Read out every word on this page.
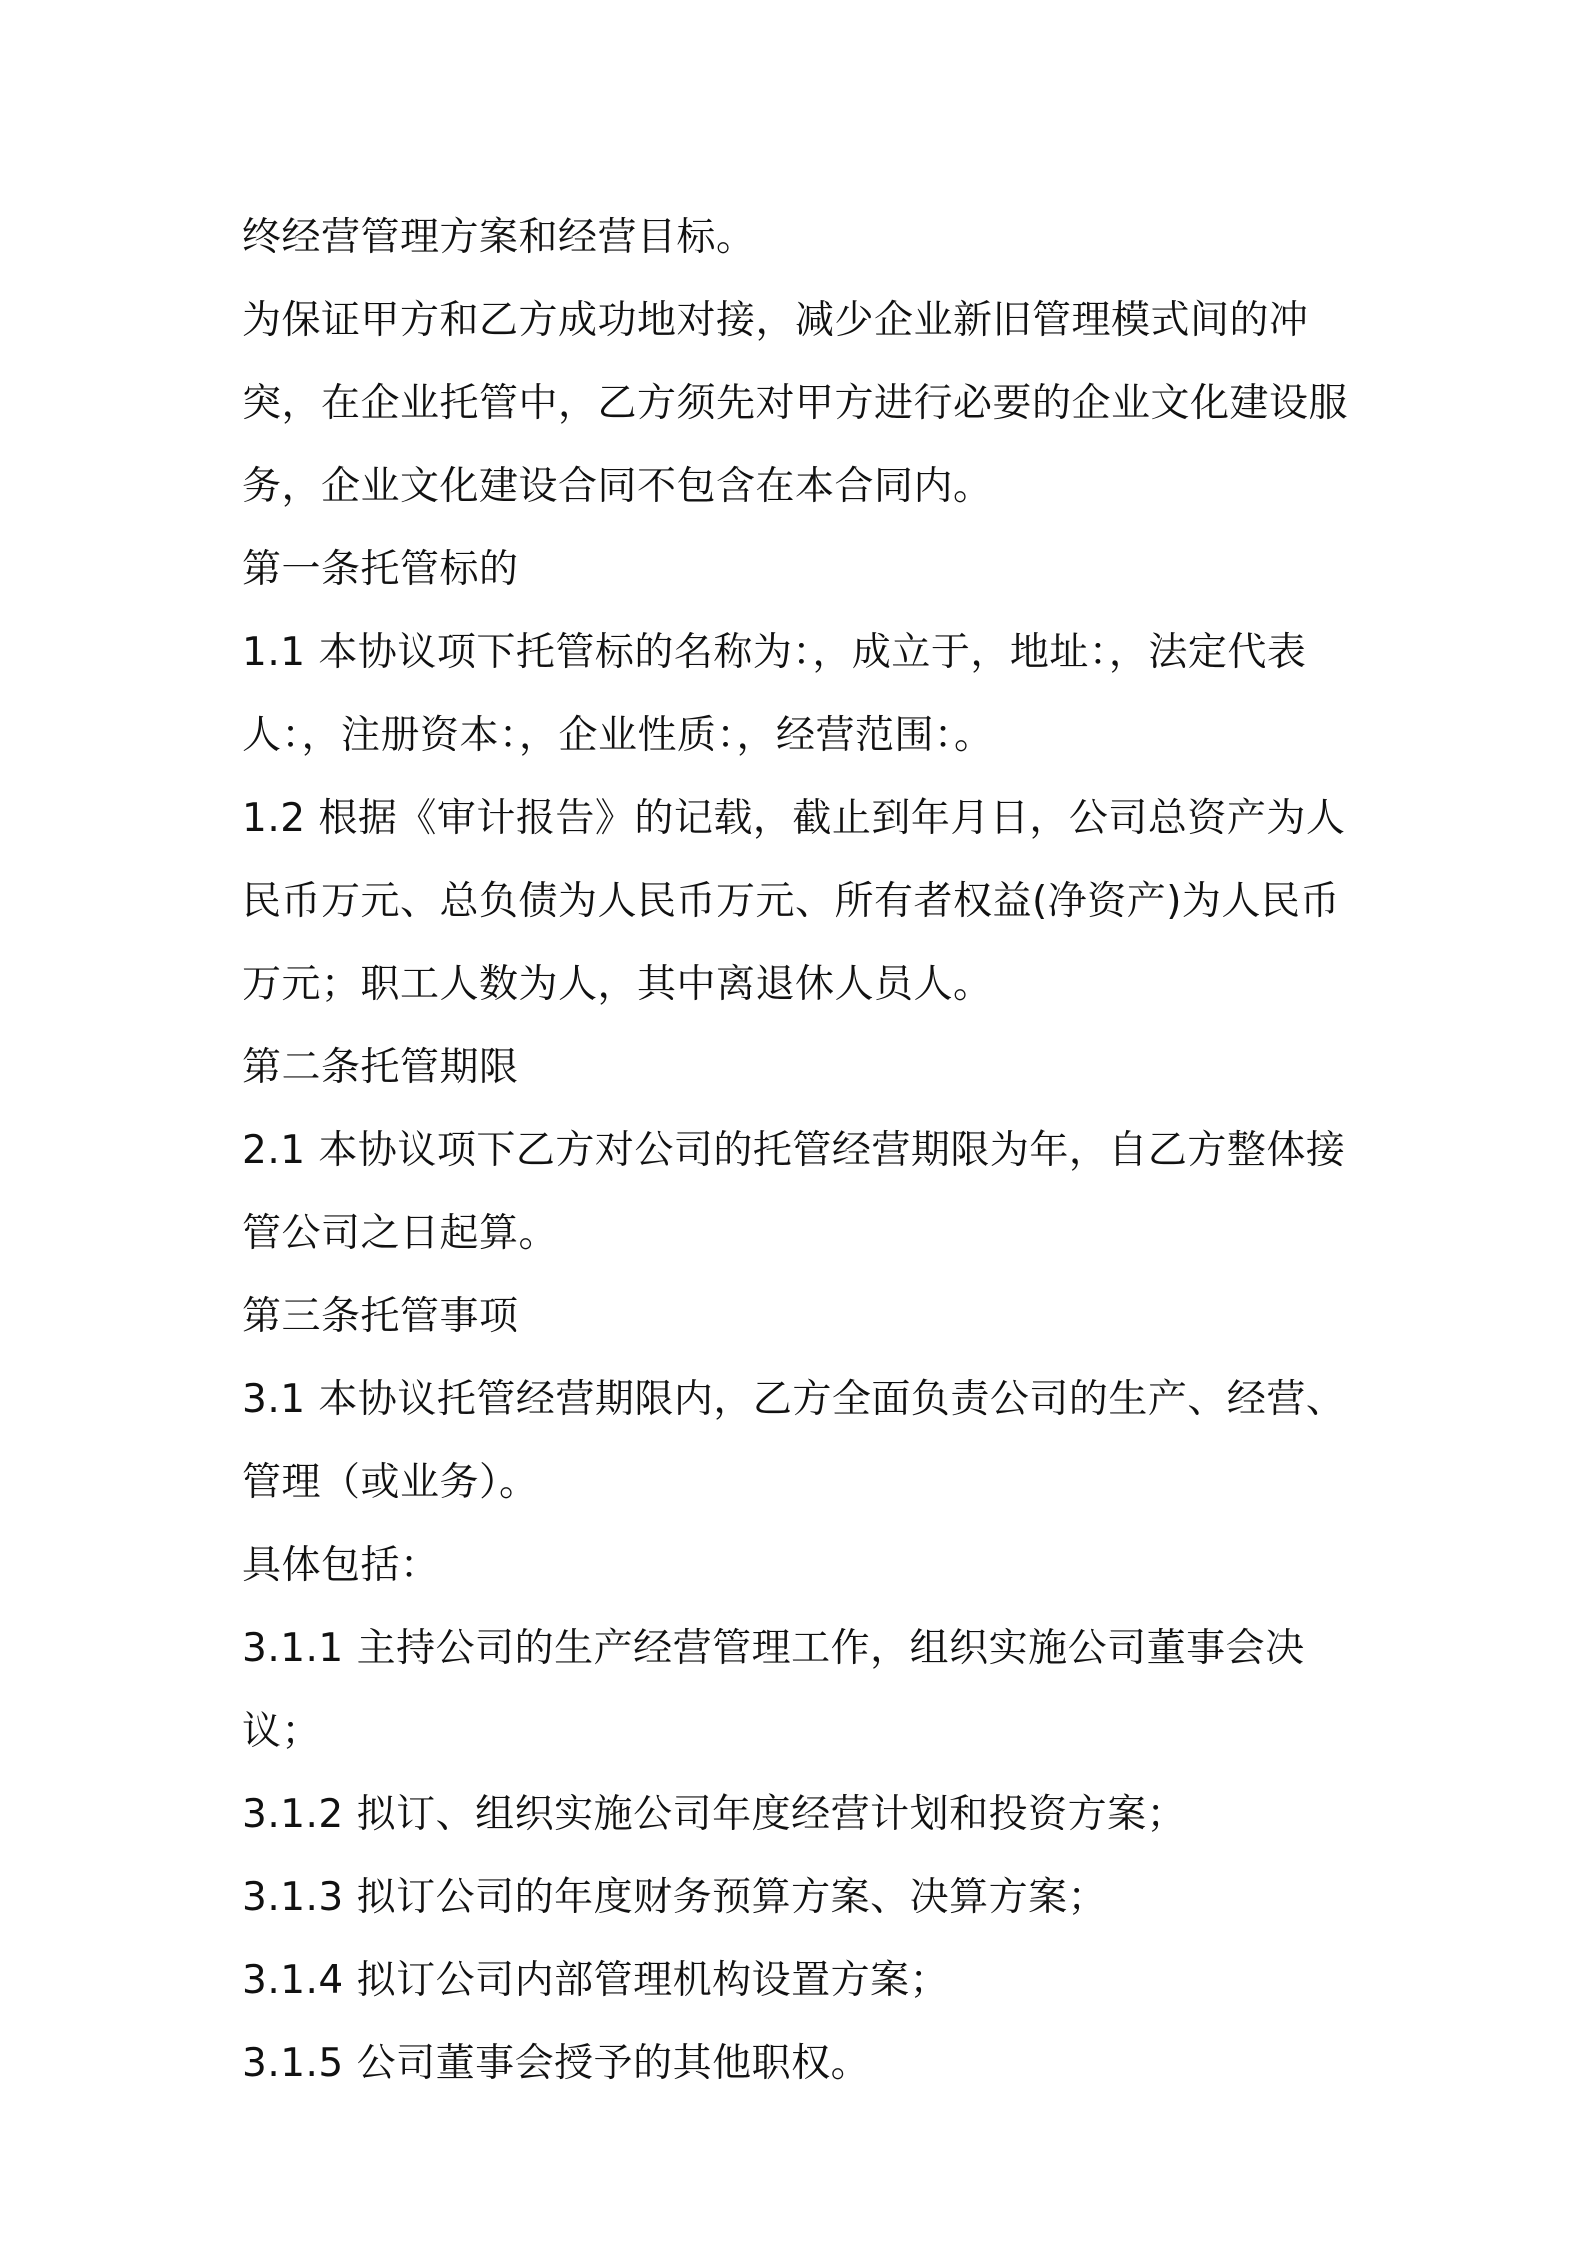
终经营管理方案和经营目标。

为保证甲方和乙方成功地对接，减少企业新旧管理模式间的冲突，在企业托管中，乙方须先对甲方进行必要的企业文化建设服务，企业文化建设合同不包含在本合同内。

第一条托管标的

1.1 本协议项下托管标的名称为：，成立于，地址：，法定代表人：，注册资本：，企业性质：，经营范围：。

1.2 根据《审计报告》的记载，截止到年月日，公司总资产为人民币万元、总负债为人民币万元、所有者权益(净资产)为人民币万元；职工人数为人，其中离退休人员人。

第二条托管期限

2.1 本协议项下乙方对公司的托管经营期限为年，自乙方整体接管公司之日起算。

第三条托管事项

3.1 本协议托管经营期限内，乙方全面负责公司的生产、经营、管理（或业务）。

具体包括：

3.1.1 主持公司的生产经营管理工作，组织实施公司董事会决议；

3.1.2 拟订、组织实施公司年度经营计划和投资方案；

3.1.3 拟订公司的年度财务预算方案、决算方案；

3.1.4 拟订公司内部管理机构设置方案；

3.1.5 公司董事会授予的其他职权。
